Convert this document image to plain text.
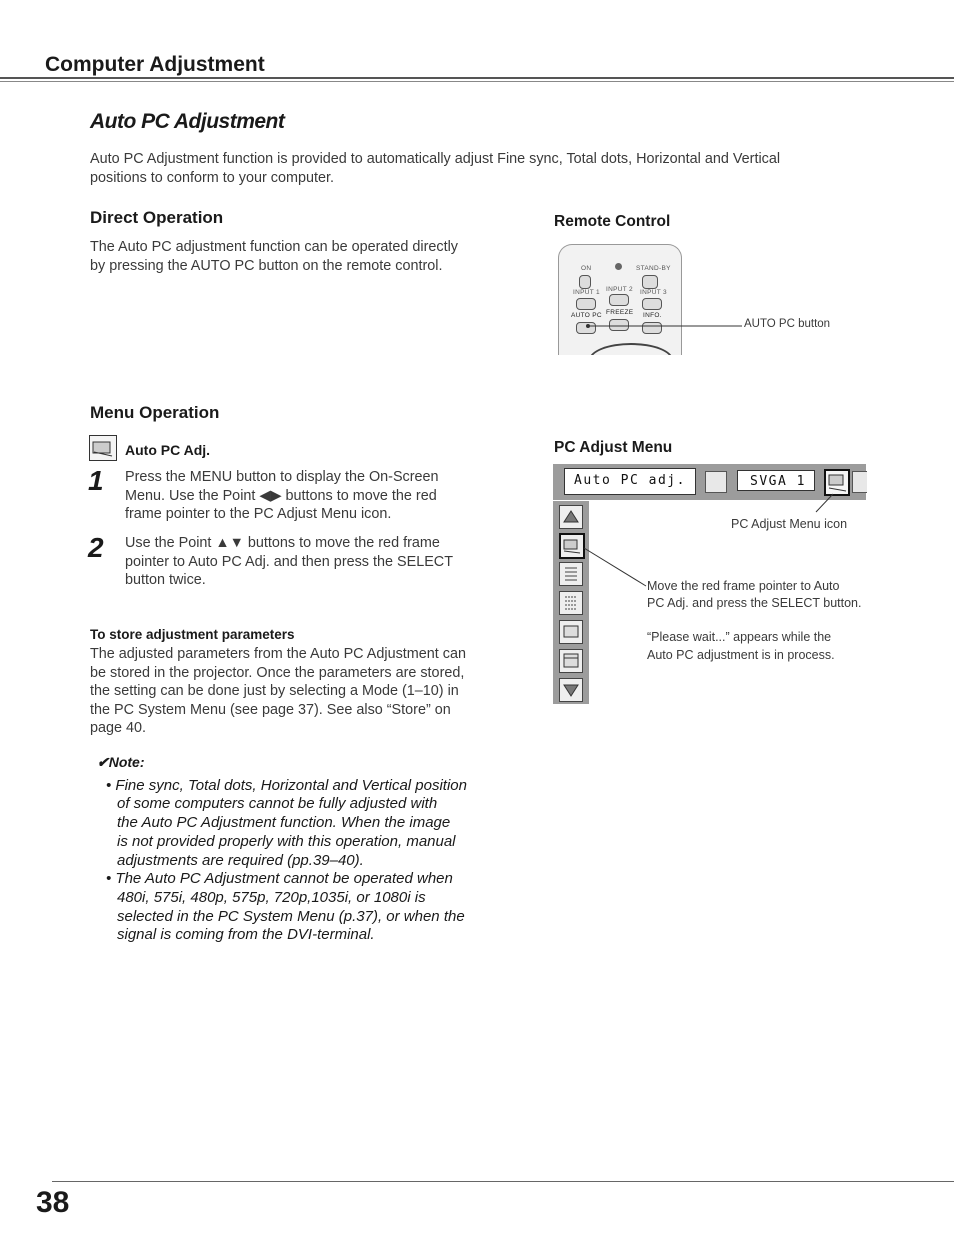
Computer Adjustment
Auto PC Adjustment
Auto PC Adjustment function is provided to automatically adjust Fine sync, Total dots, Horizontal and Vertical
positions to conform to your computer.
Direct Operation
The Auto PC adjustment function can be operated directly
by pressing the AUTO PC button on the remote control.
Remote Control
ON	STAND-BY
INPUT 1 INPUT 2 INPUT 3
AUTO PC FREEZE INFO.
AUTO PC button
Menu Operation
Auto PC Adj.
1 Press the MENU button to display the On-Screen
Menu. Use the Point ◀▶ buttons to move the red
frame pointer to the PC Adjust Menu icon.
2 Use the Point ▲▼ buttons to move the red frame
pointer to Auto PC Adj. and then press the SELECT
button twice.
To store adjustment parameters
The adjusted parameters from the Auto PC Adjustment can
be stored in the projector. Once the parameters are stored,
the setting can be done just by selecting a Mode (1–10) in
the PC System Menu (see page 37). See also “Store” on
page 40.
✔Note:
• Fine sync, Total dots, Horizontal and Vertical position
of some computers cannot be fully adjusted with
the Auto PC Adjustment function. When the image
is not provided properly with this operation, manual
adjustments are required (pp.39–40).
• The Auto PC Adjustment cannot be operated when
480i, 575i, 480p, 575p, 720p,1035i, or 1080i is
selected in the PC System Menu (p.37), or when the
signal is coming from the DVI-terminal.
PC Adjust Menu
Auto PC adj.	SVGA 1
PC Adjust Menu icon
Move the red frame pointer to Auto
PC Adj. and press the SELECT button.
“Please wait...” appears while the
Auto PC adjustment is in process.
38
